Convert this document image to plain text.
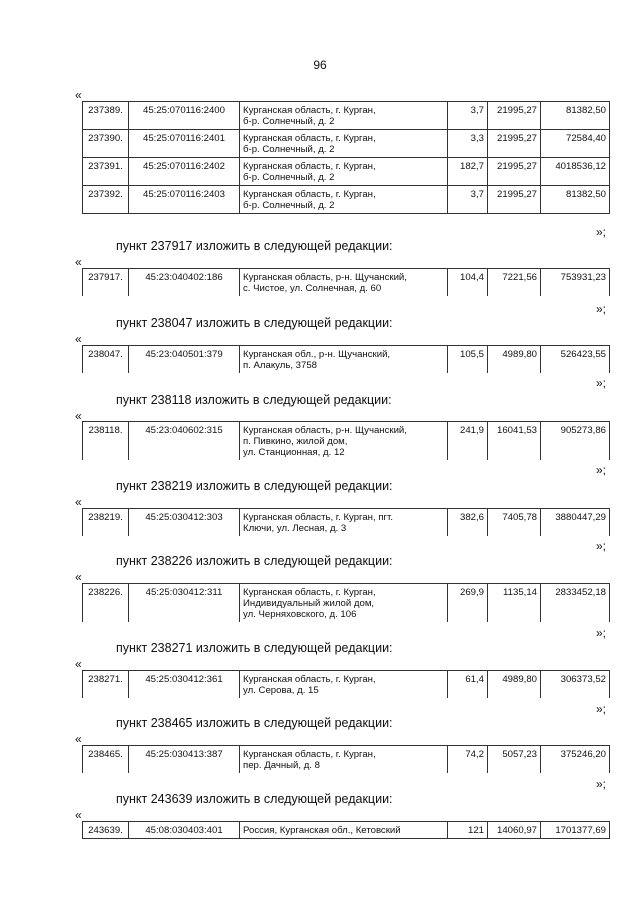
96
«
237389.	45:25:070116:2400	Курганская область, г. Курган,
б-р. Солнечный, д. 2	3,7	21995,27	81382,50
237390.	45:25:070116:2401	Курганская область, г. Курган,
б-р. Солнечный, д. 2	3,3	21995,27	72584,40
237391.	45:25:070116:2402	Курганская область, г. Курган,
б-р. Солнечный, д. 2	182,7	21995,27	4018536,12
237392.	45:25:070116:2403	Курганская область, г. Курган,
б-р. Солнечный, д. 2	3,7	21995,27	81382,50
»;
пункт 237917 изложить в следующей редакции:
«
237917.	45:23:040402:186	Курганская область, р-н. Щучанский,
с. Чистое, ул. Солнечная, д. 60
	104,4	7221,56	753931,23
»;
пункт 238047 изложить в следующей редакции:
«
238047.	45:23:040501:379	Курганская обл., р-н. Щучанский,
п. Алакуль, 3758
	105,5	4989,80	526423,55
»;
пункт 238118 изложить в следующей редакции:
«
238118.	45:23:040602:315	Курганская область, р-н. Щучанский,
п. Пивкино, жилой дом,
ул. Станционная, д. 12
	241,9	16041,53	905273,86
»;
пункт 238219 изложить в следующей редакции:
«
238219.	45:25:030412:303	Курганская область, г. Курган, пгт.
Ключи, ул. Лесная, д. 3
	382,6	7405,78	3880447,29
»;
пункт 238226 изложить в следующей редакции:
«
238226.	45:25:030412:311	Курганская область, г. Курган,
Индивидуальный жилой дом,
ул. Черняховского, д. 106
	269,9	1135,14	2833452,18
»;
пункт 238271 изложить в следующей редакции:
«
238271.	45:25:030412:361	Курганская область, г. Курган,
ул. Серова, д. 15
	61,4	4989,80	306373,52
»;
пункт 238465 изложить в следующей редакции:
«
238465.	45:25:030413:387	Курганская область, г. Курган,
пер. Дачный, д. 8
	74,2	5057,23	375246,20
»;
пункт 243639 изложить в следующей редакции:
«
243639.	45:08:030403:401	Россия, Курганская обл., Кетовский	121	14060,97	1701377,69
